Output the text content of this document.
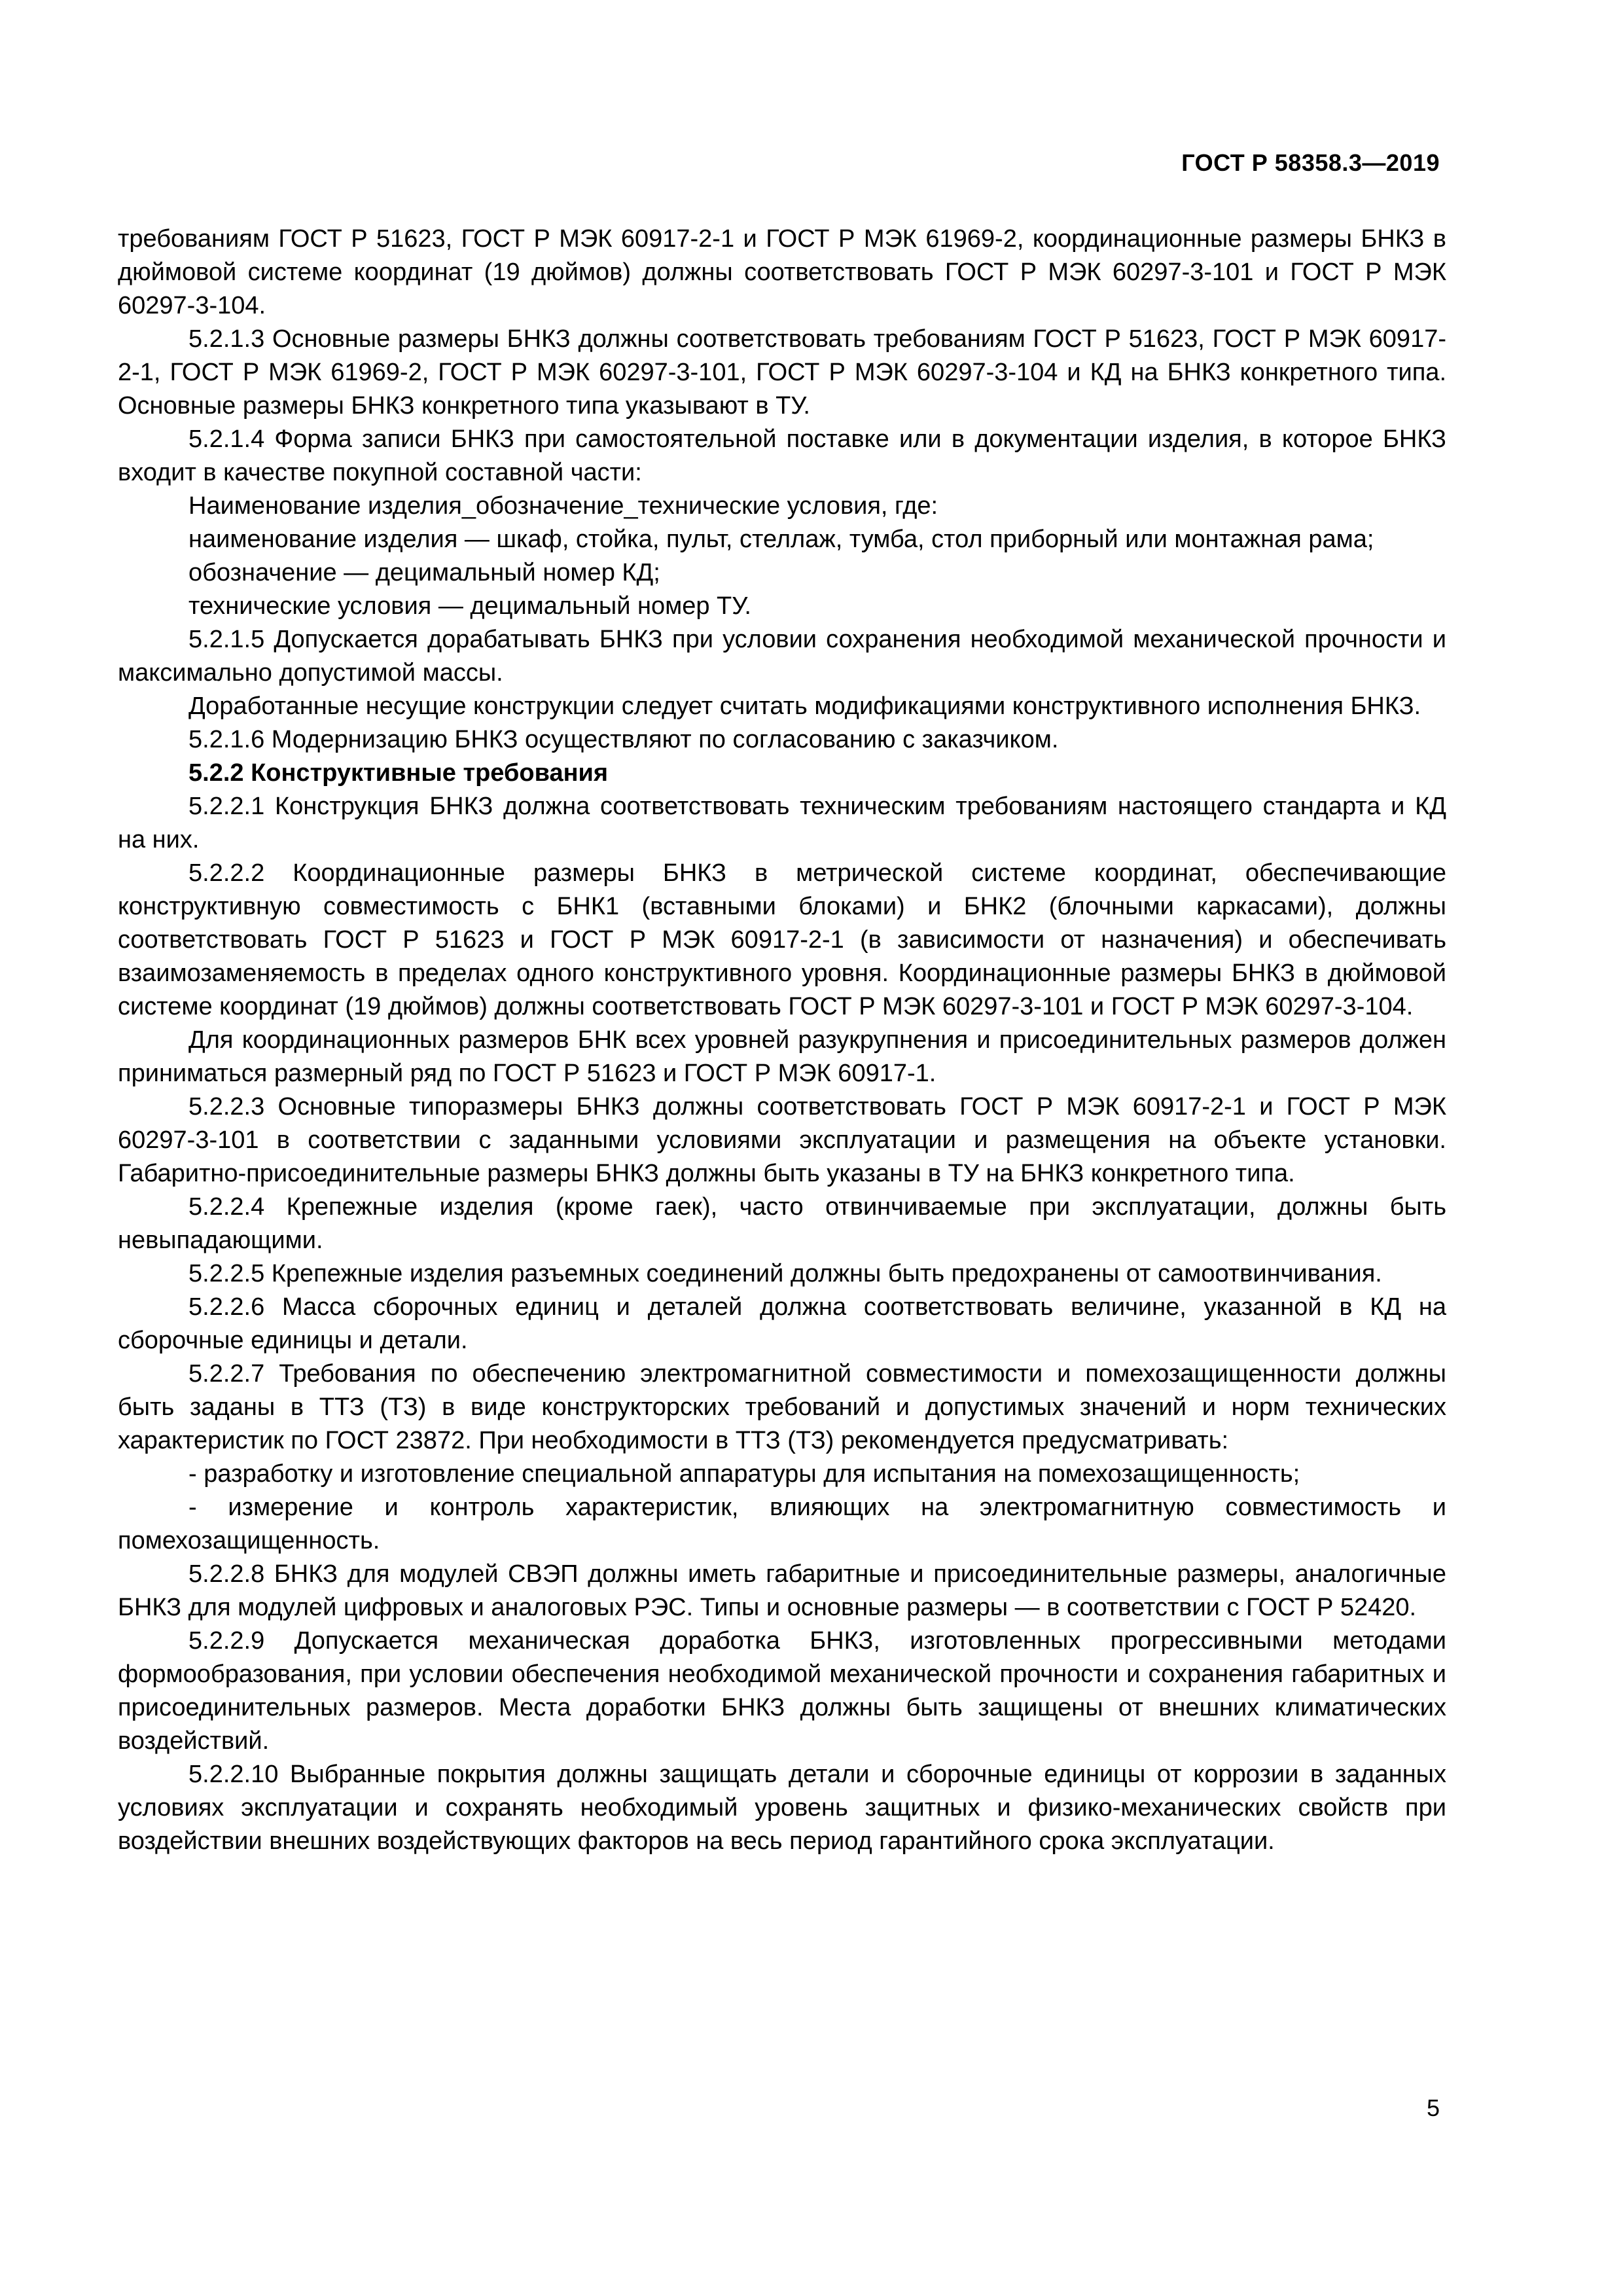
ГОСТ Р 58358.3—2019

требованиям ГОСТ Р 51623, ГОСТ Р МЭК 60917-2-1 и ГОСТ Р МЭК 61969-2, координационные размеры БНКЗ в дюймовой системе координат (19 дюймов) должны соответствовать ГОСТ Р МЭК 60297-3-101 и ГОСТ Р МЭК 60297-3-104.

5.2.1.3 Основные размеры БНКЗ должны соответствовать требованиям ГОСТ Р 51623, ГОСТ Р МЭК 60917-2-1, ГОСТ Р МЭК 61969-2, ГОСТ Р МЭК 60297-3-101, ГОСТ Р МЭК 60297-3-104 и КД на БНКЗ конкретного типа. Основные размеры БНКЗ конкретного типа указывают в ТУ.

5.2.1.4 Форма записи БНКЗ при самостоятельной поставке или в документации изделия, в которое БНКЗ входит в качестве покупной составной части:

Наименование изделия_обозначение_технические условия, где:

наименование изделия — шкаф, стойка, пульт, стеллаж, тумба, стол приборный или монтажная рама;

обозначение — децимальный номер КД;

технические условия — децимальный номер ТУ.

5.2.1.5 Допускается дорабатывать БНКЗ при условии сохранения необходимой механической прочности и максимально допустимой массы.

Доработанные несущие конструкции следует считать модификациями конструктивного исполнения БНКЗ.

5.2.1.6 Модернизацию БНКЗ осуществляют по согласованию с заказчиком.

5.2.2 Конструктивные требования

5.2.2.1 Конструкция БНКЗ должна соответствовать техническим требованиям настоящего стандарта и КД на них.

5.2.2.2 Координационные размеры БНКЗ в метрической системе координат, обеспечивающие конструктивную совместимость с БНК1 (вставными блоками) и БНК2 (блочными каркасами), должны соответствовать ГОСТ Р 51623 и ГОСТ Р МЭК 60917-2-1 (в зависимости от назначения) и обеспечивать взаимозаменяемость в пределах одного конструктивного уровня. Координационные размеры БНКЗ в дюймовой системе координат (19 дюймов) должны соответствовать ГОСТ Р МЭК 60297-3-101 и ГОСТ Р МЭК 60297-3-104.

Для координационных размеров БНК всех уровней разукрупнения и присоединительных размеров должен приниматься размерный ряд по ГОСТ Р 51623 и ГОСТ Р МЭК 60917-1.

5.2.2.3 Основные типоразмеры БНКЗ должны соответствовать ГОСТ Р МЭК 60917-2-1 и ГОСТ Р МЭК 60297-3-101 в соответствии с заданными условиями эксплуатации и размещения на объекте установки. Габаритно-присоединительные размеры БНКЗ должны быть указаны в ТУ на БНКЗ конкретного типа.

5.2.2.4 Крепежные изделия (кроме гаек), часто отвинчиваемые при эксплуатации, должны быть невыпадающими.

5.2.2.5 Крепежные изделия разъемных соединений должны быть предохранены от самоотвинчивания.

5.2.2.6 Масса сборочных единиц и деталей должна соответствовать величине, указанной в КД на сборочные единицы и детали.

5.2.2.7 Требования по обеспечению электромагнитной совместимости и помехозащищенности должны быть заданы в ТТЗ (ТЗ) в виде конструкторских требований и допустимых значений и норм технических характеристик по ГОСТ 23872. При необходимости в ТТЗ (ТЗ) рекомендуется предусматривать:

- разработку и изготовление специальной аппаратуры для испытания на помехозащищенность;

- измерение и контроль характеристик, влияющих на электромагнитную совместимость и помехозащищенность.

5.2.2.8 БНКЗ для модулей СВЭП должны иметь габаритные и присоединительные размеры, аналогичные БНКЗ для модулей цифровых и аналоговых РЭС. Типы и основные размеры — в соответствии с ГОСТ Р 52420.

5.2.2.9 Допускается механическая доработка БНКЗ, изготовленных прогрессивными методами формообразования, при условии обеспечения необходимой механической прочности и сохранения габаритных и присоединительных размеров. Места доработки БНКЗ должны быть защищены от внешних климатических воздействий.

5.2.2.10 Выбранные покрытия должны защищать детали и сборочные единицы от коррозии в заданных условиях эксплуатации и сохранять необходимый уровень защитных и физико-механических свойств при воздействии внешних воздействующих факторов на весь период гарантийного срока эксплуатации.

5
